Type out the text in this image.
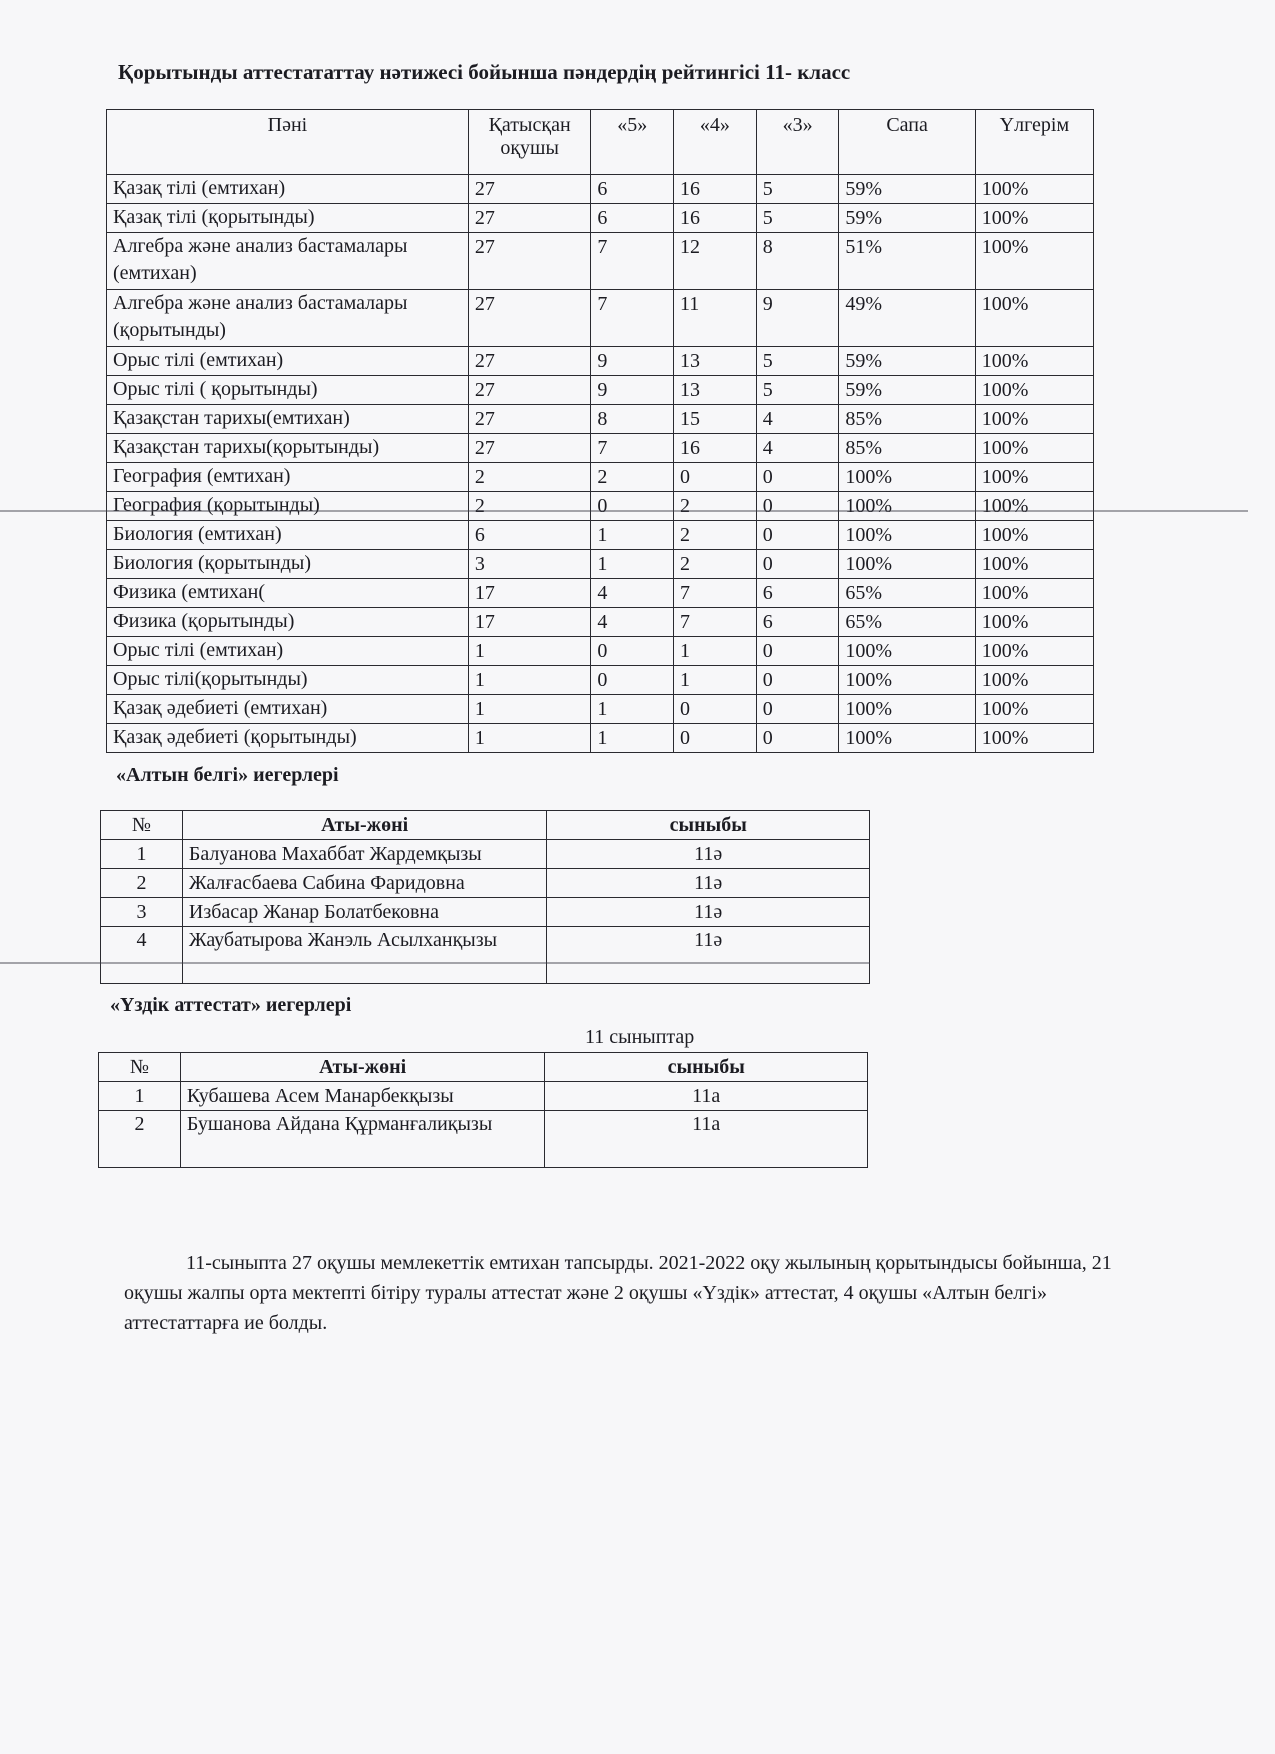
Қорытынды аттестататтау нәтижесі бойынша пәндердің рейтингісі 11- класс
Пәні	Қатысқан оқушы	«5»	«4»	«3»	Сапа	Үлгерім
Қазақ тілі (емтихан)	27	6	16	5	59%	100%
Қазақ тілі (қорытынды)	27	6	16	5	59%	100%
Алгебра және анализ бастамалары (емтихан)	27	7	12	8	51%	100%
Алгебра және анализ бастамалары (қорытынды)	27	7	11	9	49%	100%
Орыс тілі (емтихан)	27	9	13	5	59%	100%
Орыс тілі ( қорытынды)	27	9	13	5	59%	100%
Қазақстан тарихы(емтихан)	27	8	15	4	85%	100%
Қазақстан тарихы(қорытынды)	27	7	16	4	85%	100%
География (емтихан)	2	2	0	0	100%	100%
География (қорытынды)	2	0	2	0	100%	100%
Биология (емтихан)	6	1	2	0	100%	100%
Биология (қорытынды)	3	1	2	0	100%	100%
Физика (емтихан(	17	4	7	6	65%	100%
Физика (қорытынды)	17	4	7	6	65%	100%
Орыс тілі (емтихан)	1	0	1	0	100%	100%
Орыс тілі(қорытынды)	1	0	1	0	100%	100%
Қазақ әдебиеті (емтихан)	1	1	0	0	100%	100%
Қазақ әдебиеті (қорытынды)	1	1	0	0	100%	100%
«Алтын белгі» иегерлері
№	Аты-жөні	сыныбы
1	Балуанова Махаббат Жардемқызы	11ә
2	Жалғасбаева Сабина Фаридовна	11ә
3	Избасар Жанар Болатбековна	11ә
4	Жаубатырова Жанэль Асылханқызы	11ә
«Үздік аттестат» иегерлері
11 сыныптар
№	Аты-жөні	сыныбы
1	Кубашева Асем Манарбекқызы	11а
2	Бушанова Айдана Құрманғалиқызы	11а

11-сыныпта 27 оқушы мемлекеттік емтихан тапсырды. 2021-2022 оқу жылының қорытындысы бойынша, 21 оқушы жалпы орта мектепті бітіру туралы аттестат және 2 оқушы «Үздік» аттестат, 4 оқушы «Алтын белгі» аттестаттарға ие болды.
